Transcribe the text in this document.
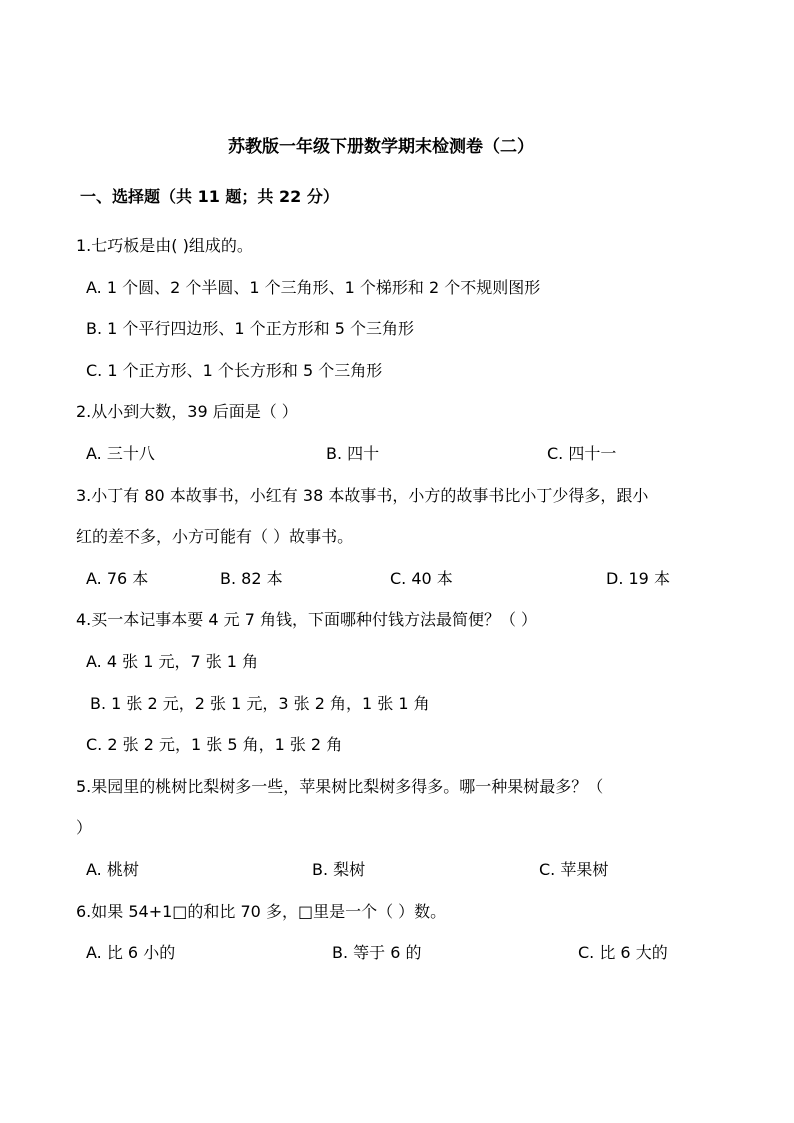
苏教版一年级下册数学期末检测卷（二）
一、选择题（共 11 题；共 22 分）
1.七巧板是由( )组成的。
A. 1 个圆、2 个半圆、1 个三角形、1 个梯形和 2 个不规则图形
B. 1 个平行四边形、1 个正方形和 5 个三角形
C. 1 个正方形、1 个长方形和 5 个三角形
2.从小到大数，39 后面是（ ）
A. 三十八	B. 四十	C. 四十一
3.小丁有 80 本故事书，小红有 38 本故事书，小方的故事书比小丁少得多，跟小
红的差不多，小方可能有（ ）故事书。
A. 76 本	B. 82 本	C. 40 本	D. 19 本
4.买一本记事本要 4 元 7 角钱，下面哪种付钱方法最简便？（ ）
A. 4 张 1 元，7 张 1 角
B. 1 张 2 元，2 张 1 元，3 张 2 角，1 张 1 角
C. 2 张 2 元，1 张 5 角，1 张 2 角
5.果园里的桃树比梨树多一些，苹果树比梨树多得多。哪一种果树最多？（
）
A. 桃树	B. 梨树	C. 苹果树
6.如果 54+1□的和比 70 多，□里是一个（ ）数。
A. 比 6 小的	B. 等于 6 的	C. 比 6 大的
